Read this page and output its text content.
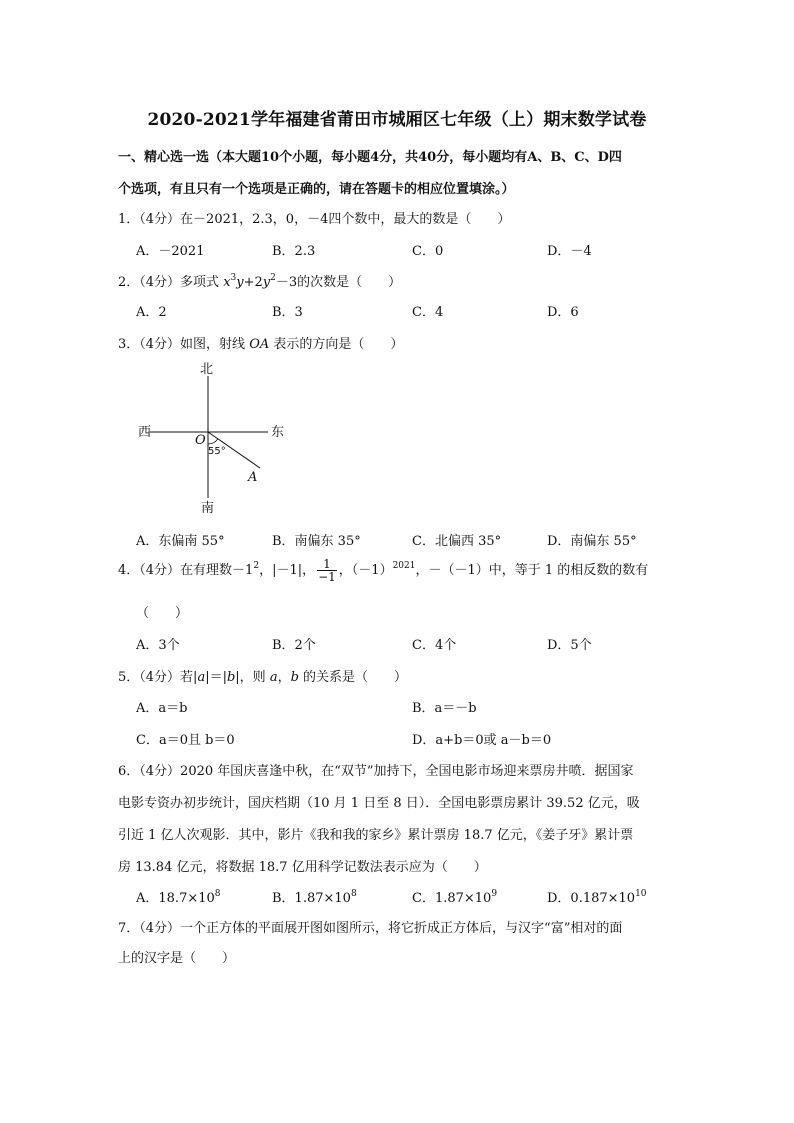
2020-2021学年福建省莆田市城厢区七年级（上）期末数学试卷
一、精心选一选（本大题10个小题，每小题4分，共40分，每小题均有A、B、C、D四
个选项，有且只有一个选项是正确的，请在答题卡的相应位置填涂。）
1．（4分）在－2021，2.3，0，－4四个数中，最大的数是（　　）
A．－2021	B．2.3	C．0	D．－4
2．（4分）多项式 $x^3y+2y^2-3$的次数是（　　）
A．2	B．3	C．4	D．6
3．（4分）如图，射线 OA 表示的方向是（　　）
北
南
西	东
O
55°
A
A．东偏南 55°	B．南偏东 35°	C．北偏西 35°	D．南偏东 55°
4．（4分）在有理数$-1^2$，|－1|， $\frac{1}{-1}$ ，$(-1)^{2021}$，－（－1）中，等于 1 的相反数的数有
（　　）
A．3个	B．2个	C．4个	D．5个
5．（4分）若|a|＝|b|，则 a，b 的关系是（　　）
A．a＝b	B．a＝－b
C．a＝0且 b＝0	D．a+b＝0或 a－b＝0
6．（4分）2020 年国庆喜逢中秋，在“双节”加持下，全国电影市场迎来票房井喷．据国家
电影专资办初步统计，国庆档期（10 月 1 日至 8 日）．全国电影票房累计 39.52 亿元，吸
引近 1 亿人次观影．其中，影片《我和我的家乡》累计票房 18.7 亿元，《姜子牙》累计票
房 13.84 亿元，将数据 18.7 亿用科学记数法表示应为（　　）
A．$18.7\times 10^8$	B．$1.87\times 10^8$	C．$1.87\times 10^9$	D．$0.187\times 10^{10}$
7．（4分）一个正方体的平面展开图如图所示，将它折成正方体后，与汉字“富”相对的面
上的汉字是（　　）
